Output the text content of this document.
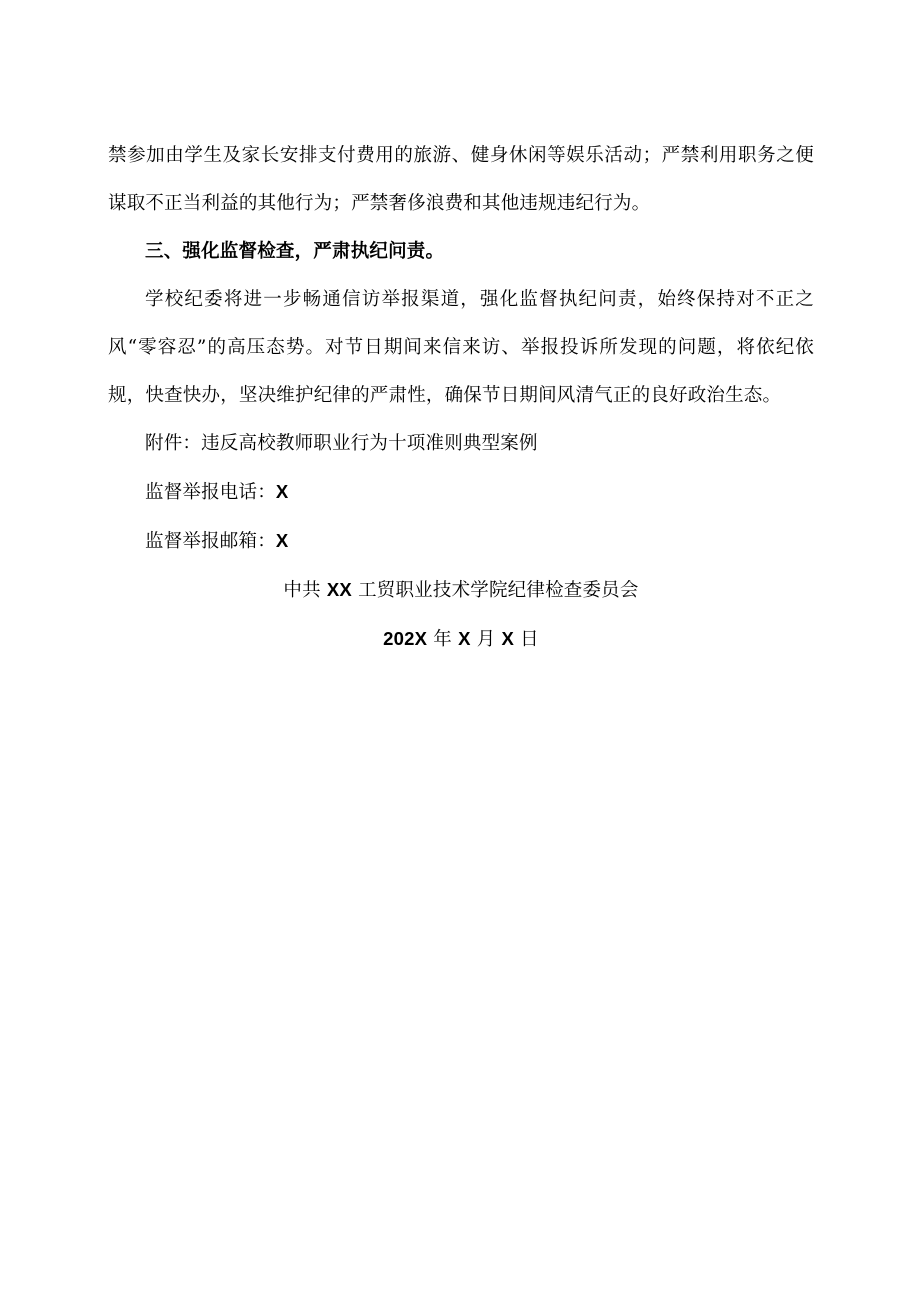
禁参加由学生及家长安排支付费用的旅游、健身休闲等娱乐活动；严禁利用职务之便谋取不正当利益的其他行为；严禁奢侈浪费和其他违规违纪行为。

三、强化监督检查，严肃执纪问责。

学校纪委将进一步畅通信访举报渠道，强化监督执纪问责，始终保持对不正之风“零容忍”的高压态势。对节日期间来信来访、举报投诉所发现的问题，将依纪依规，快查快办，坚决维护纪律的严肃性，确保节日期间风清气正的良好政治生态。

附件：违反高校教师职业行为十项准则典型案例

监督举报电话：X

监督举报邮箱：X

中共 XX 工贸职业技术学院纪律检查委员会

202X 年 X 月 X 日
